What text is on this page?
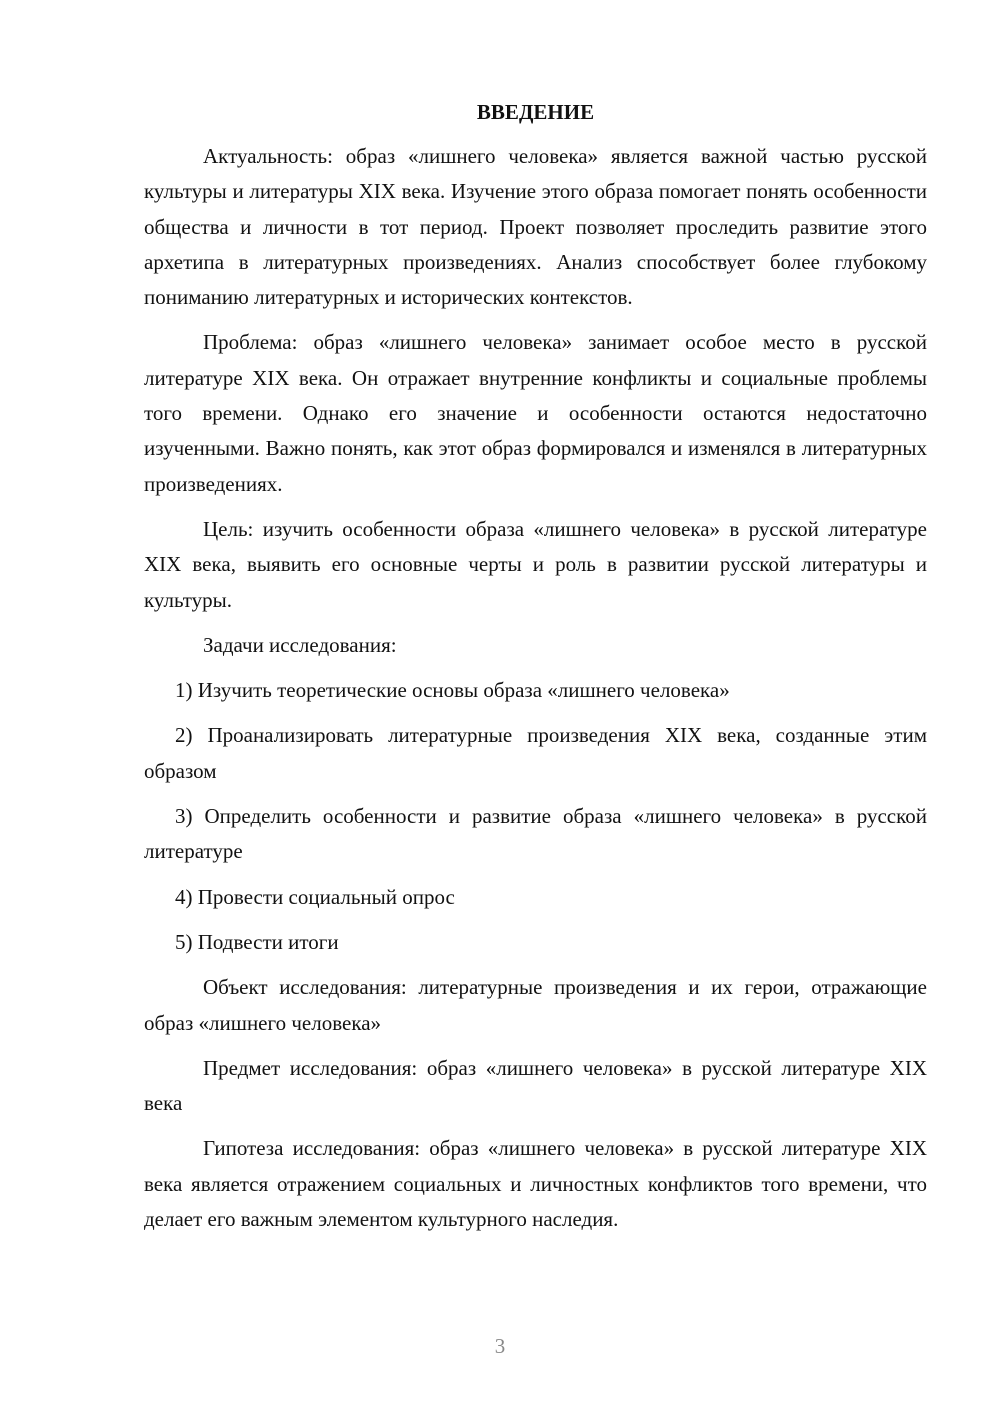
ВВЕДЕНИЕ

Актуальность: образ «лишнего человека» является важной частью русской культуры и литературы XIX века. Изучение этого образа помогает понять особенности общества и личности в тот период. Проект позволяет проследить развитие этого архетипа в литературных произведениях. Анализ способствует более глубокому пониманию литературных и исторических контекстов.

Проблема: образ «лишнего человека» занимает особое место в русской литературе XIX века. Он отражает внутренние конфликты и социальные проблемы того времени. Однако его значение и особенности остаются недостаточно изученными. Важно понять, как этот образ формировался и изменялся в литературных произведениях.

Цель: изучить особенности образа «лишнего человека» в русской литературе XIX века, выявить его основные черты и роль в развитии русской литературы и культуры.

Задачи исследования:

1) Изучить теоретические основы образа «лишнего человека»

2) Проанализировать литературные произведения XIX века, созданные этим образом

3) Определить особенности и развитие образа «лишнего человека» в русской литературе

4) Провести социальный опрос

5) Подвести итоги

Объект исследования: литературные произведения и их герои, отражающие образ «лишнего человека»

Предмет исследования: образ «лишнего человека» в русской литературе XIX века

Гипотеза исследования: образ «лишнего человека» в русской литературе XIX века является отражением социальных и личностных конфликтов того времени, что делает его важным элементом культурного наследия.

3
